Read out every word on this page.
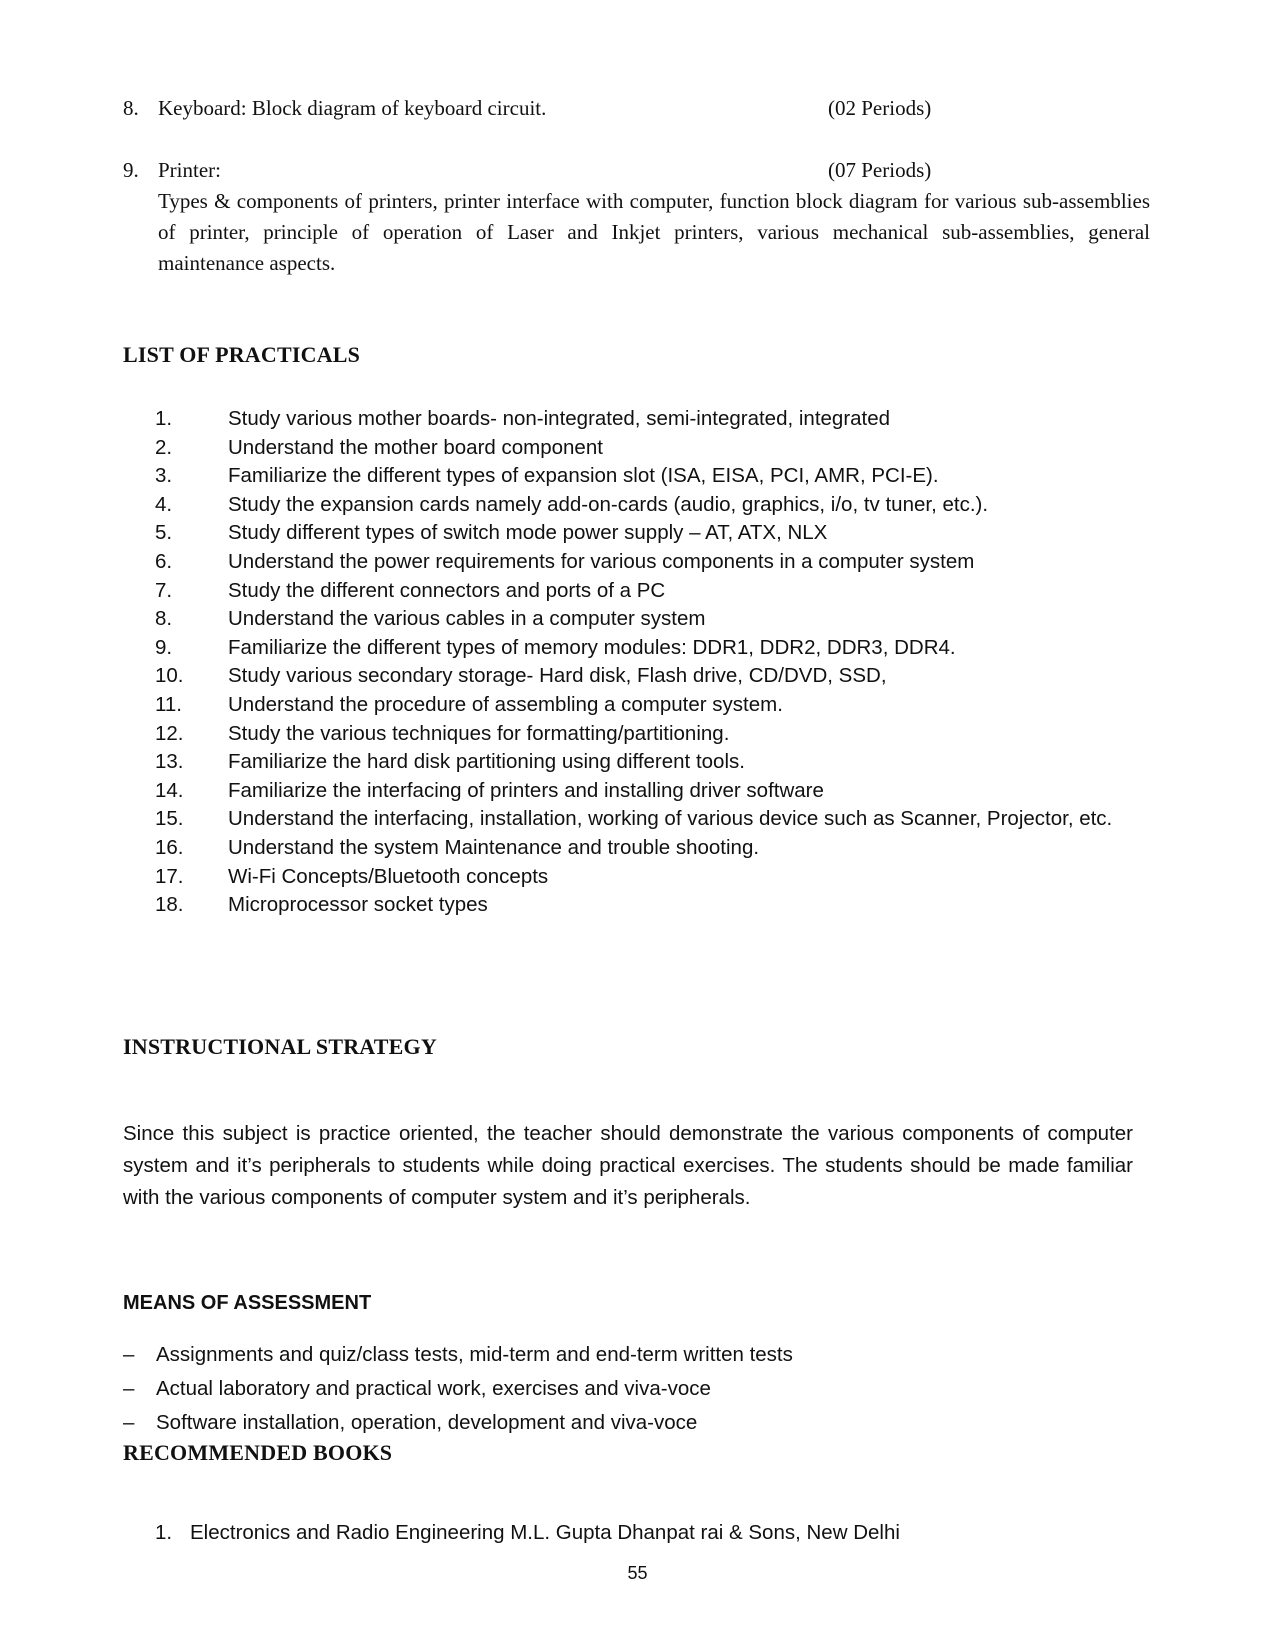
8. Keyboard: Block diagram of keyboard circuit.	(02 Periods)
9. Printer:	(07 Periods)
Types & components of printers, printer interface with computer, function block diagram for various sub-assemblies of printer, principle of operation of Laser and Inkjet printers, various mechanical sub-assemblies, general maintenance aspects.
LIST OF PRACTICALS
1.	Study various mother boards- non-integrated, semi-integrated, integrated
2.	Understand the mother board component
3.	Familiarize the different types of expansion slot (ISA, EISA, PCI, AMR, PCI-E).
4.	Study the expansion cards namely add-on-cards (audio, graphics, i/o, tv tuner, etc.).
5.	Study different types of switch mode power supply – AT, ATX, NLX
6.	Understand the power requirements for various components in a computer system
7.	Study the different connectors and ports of a PC
8.	Understand the various cables in a computer system
9.	Familiarize the different types of memory modules: DDR1, DDR2, DDR3, DDR4.
10.	Study various secondary storage- Hard disk, Flash drive, CD/DVD, SSD,
11.	Understand the procedure of assembling a computer system.
12.	Study the various techniques for formatting/partitioning.
13.	Familiarize the hard disk partitioning using different tools.
14.	Familiarize the interfacing of printers and installing driver software
15.	Understand the interfacing, installation, working of various device such as Scanner, Projector, etc.
16.	Understand the system Maintenance and trouble shooting.
17.	Wi-Fi Concepts/Bluetooth concepts
18.	Microprocessor socket types
INSTRUCTIONAL STRATEGY
Since this subject is practice oriented, the teacher should demonstrate the various components of computer system and it’s peripherals to students while doing practical exercises. The students should be made familiar with the various components of computer system and it’s peripherals.
MEANS OF ASSESSMENT
–	Assignments and quiz/class tests, mid-term and end-term written tests
–	Actual laboratory and practical work, exercises and viva-voce
–	Software installation, operation, development and viva-voce
RECOMMENDED BOOKS
1. Electronics and Radio Engineering M.L. Gupta Dhanpat rai & Sons, New Delhi
55
